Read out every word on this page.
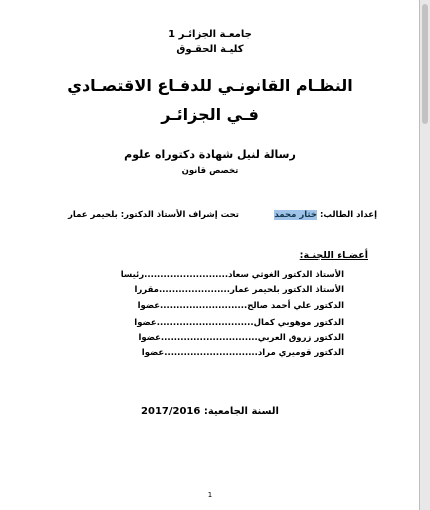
جامعـة الجزائـر 1
كليـة الحقـوق
النظـام القانونـي للدفـاع الاقتصـادي
فـي الجزائـر
رسالة لنيل شهادة دكتوراه علوم
تخصص قانون
إعداد الطالب: خثار محمد
تحت إشراف الأستاذ الدكتور: بلحيمر عمار
أعضـاء اللجنـة:
الأستاذ الدكتور الغوثي سعاد
..........................
رئيسا
الأستاذ الدكتور بلحيمر عمار
......................
مقررا
الدكتور علي أحمد صالح
...........................
عضوا
الدكتور موهوبي كمال
..............................
عضوا
الدكتور زروق العربي
..............................
عضوا
الدكتور قوميري مراد
.............................
عضوا
السنة الجامعية: 2017/2016
1
